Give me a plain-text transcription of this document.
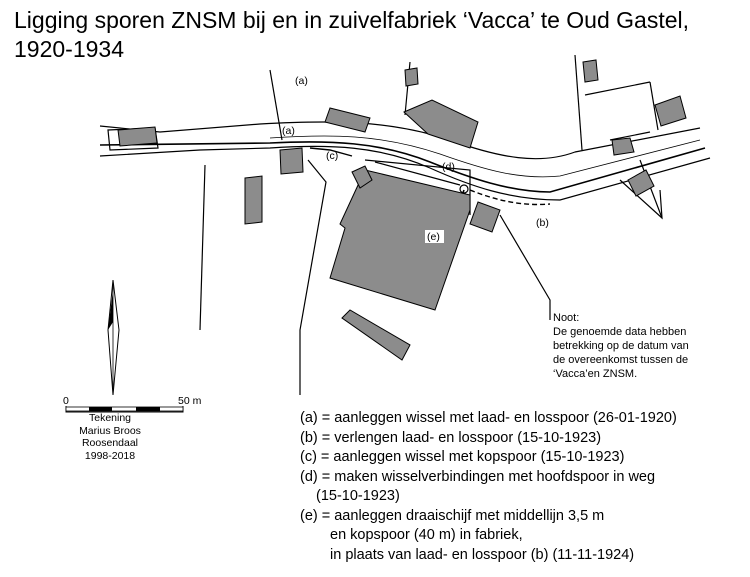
Ligging sporen ZNSM bij en in zuivelfabriek ‘Vacca’ te Oud Gastel,
1920-1934
(a)
(a)
(c)
(d)
(b)
(e)
0	50 m
Tekening
Marius Broos
Roosendaal
1998-2018
Noot:
De genoemde data hebben
betrekking op de datum van
de overeenkomst tussen de
‘Vacca’en ZNSM.
(a) = aanleggen wissel met laad- en losspoor (26-01-1920)
(b) = verlengen laad- en losspoor (15-10-1923)
(c) = aanleggen wissel met kopspoor (15-10-1923)
(d) = maken wisselverbindingen met hoofdspoor in weg
(15-10-1923)
(e) = aanleggen draaischijf met middellijn 3,5 m
en kopspoor (40 m) in fabriek,
in plaats van laad- en losspoor (b) (11-11-1924)
